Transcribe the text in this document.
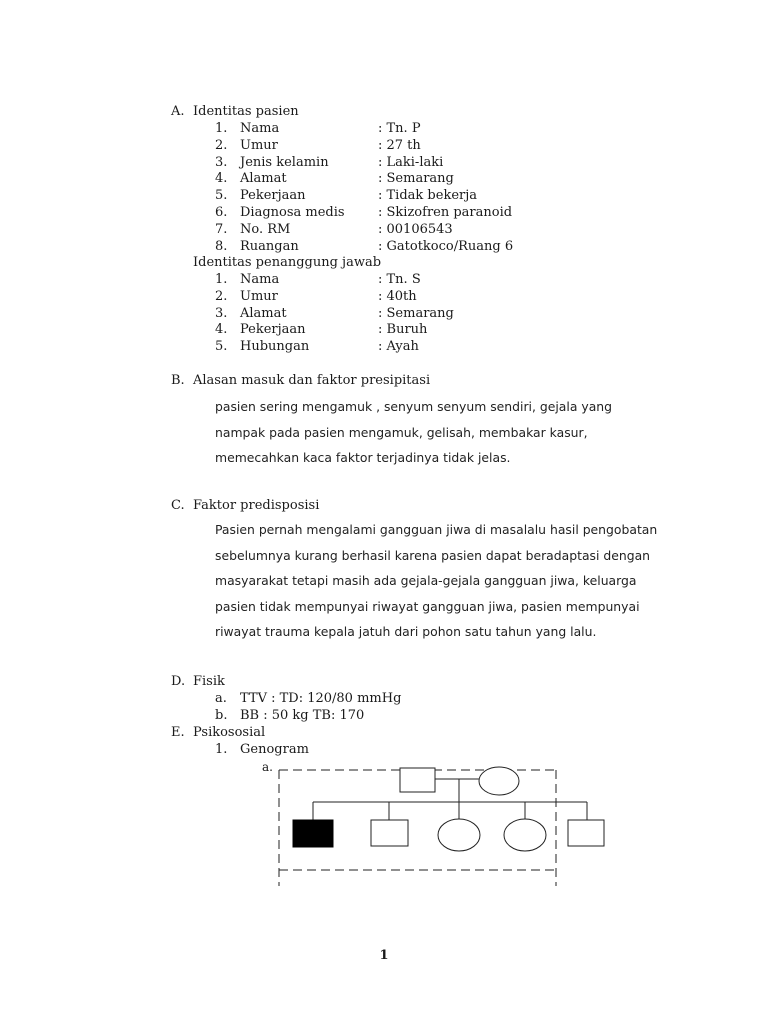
A. Identitas pasien
1. Nama	: Tn. P
2. Umur	: 27 th
3. Jenis kelamin	: Laki-laki
4. Alamat	: Semarang
5. Pekerjaan	: Tidak bekerja
6. Diagnosa medis	: Skizofren paranoid
7. No. RM	: 00106543
8. Ruangan	: Gatotkoco/Ruang 6
Identitas penanggung jawab
1. Nama	: Tn. S
2. Umur	: 40th
3. Alamat	: Semarang
4. Pekerjaan	: Buruh
5. Hubungan	: Ayah
B. Alasan masuk dan faktor presipitasi
pasien sering mengamuk , senyum senyum sendiri, gejala yang
nampak pada pasien mengamuk, gelisah, membakar kasur,
memecahkan kaca faktor terjadinya tidak jelas.
C. Faktor predisposisi
Pasien pernah mengalami gangguan jiwa di masalalu hasil pengobatan
sebelumnya kurang berhasil karena pasien dapat beradaptasi dengan
masyarakat tetapi masih ada gejala-gejala gangguan jiwa, keluarga
pasien tidak mempunyai riwayat gangguan jiwa, pasien mempunyai
riwayat trauma kepala jatuh dari pohon satu tahun yang lalu.
D. Fisik
a. TTV : TD: 120/80 mmHg
b. BB : 50 kg TB: 170
E. Psikososial
1. Genogram
a.
1
